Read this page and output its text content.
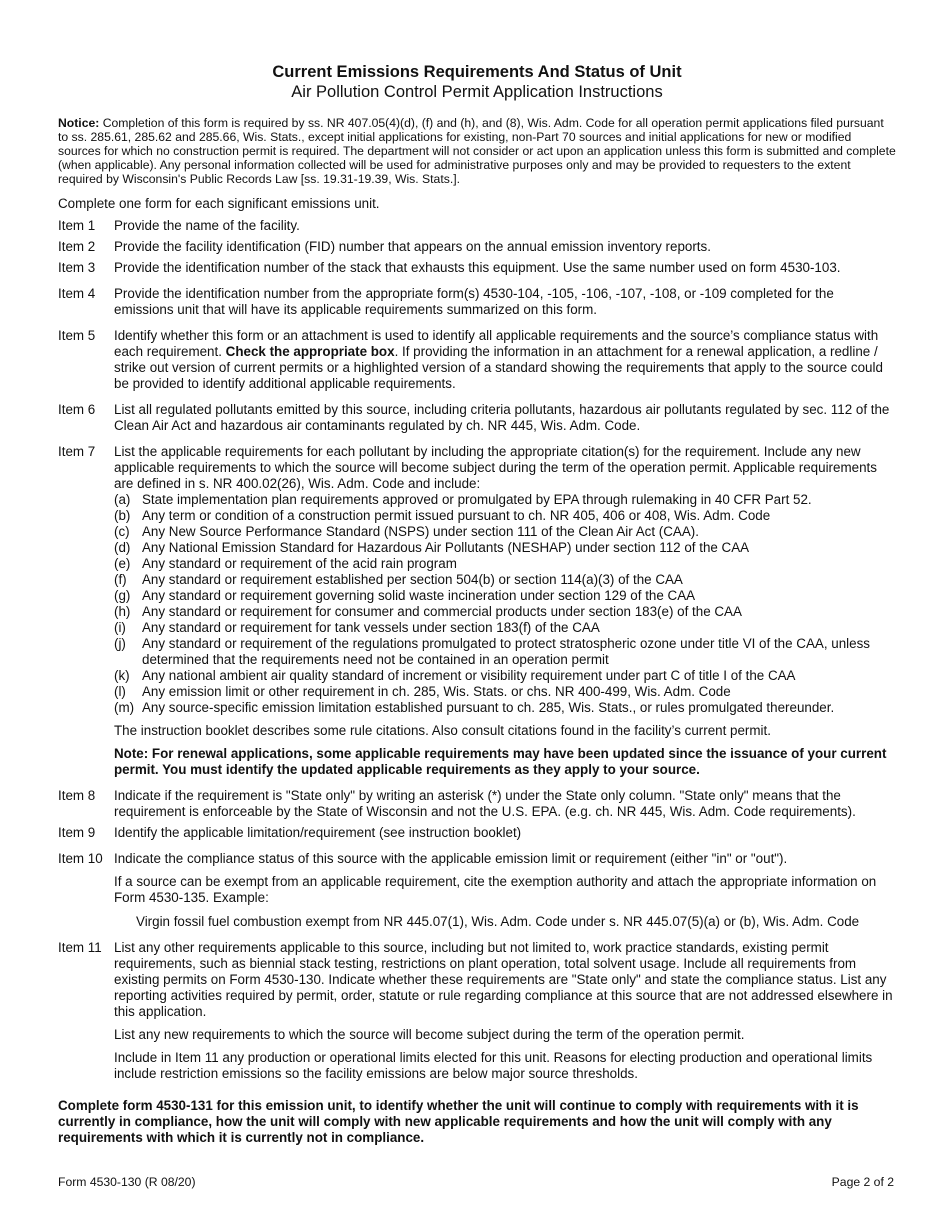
Current Emissions Requirements And Status of Unit
Air Pollution Control Permit Application Instructions

Notice: Completion of this form is required by ss. NR 407.05(4)(d), (f) and (h), and (8), Wis. Adm. Code for all operation permit applications filed pursuant to ss. 285.61, 285.62 and 285.66, Wis. Stats., except initial applications for existing, non-Part 70 sources and initial applications for new or modified sources for which no construction permit is required. The department will not consider or act upon an application unless this form is submitted and complete (when applicable). Any personal information collected will be used for administrative purposes only and may be provided to requesters to the extent required by Wisconsin's Public Records Law [ss. 19.31-19.39, Wis. Stats.].

Complete one form for each significant emissions unit.

Item 1	Provide the name of the facility.
Item 2	Provide the facility identification (FID) number that appears on the annual emission inventory reports.
Item 3	Provide the identification number of the stack that exhausts this equipment. Use the same number used on form 4530-103.
Item 4	Provide the identification number from the appropriate form(s) 4530-104, -105, -106, -107, -108, or -109 completed for the emissions unit that will have its applicable requirements summarized on this form.
Item 5	Identify whether this form or an attachment is used to identify all applicable requirements and the source’s compliance status with each requirement. Check the appropriate box. If providing the information in an attachment for a renewal application, a redline / strike out version of current permits or a highlighted version of a standard showing the requirements that apply to the source could be provided to identify additional applicable requirements.
Item 6	List all regulated pollutants emitted by this source, including criteria pollutants, hazardous air pollutants regulated by sec. 112 of the Clean Air Act and hazardous air contaminants regulated by ch. NR 445, Wis. Adm. Code.
Item 7	List the applicable requirements for each pollutant by including the appropriate citation(s) for the requirement. Include any new applicable requirements to which the source will become subject during the term of the operation permit. Applicable requirements are defined in s. NR 400.02(26), Wis. Adm. Code and include:

(a) State implementation plan requirements approved or promulgated by EPA through rulemaking in 40 CFR Part 52.
(b) Any term or condition of a construction permit issued pursuant to ch. NR 405, 406 or 408, Wis. Adm. Code
(c) Any New Source Performance Standard (NSPS) under section 111 of the Clean Air Act (CAA).
(d) Any National Emission Standard for Hazardous Air Pollutants (NESHAP) under section 112 of the CAA
(e) Any standard or requirement of the acid rain program
(f)	Any standard or requirement established per section 504(b) or section 114(a)(3) of the CAA
(g) Any standard or requirement governing solid waste incineration under section 129 of the CAA
(h) Any standard or requirement for consumer and commercial products under section 183(e) of the CAA
(i)	Any standard or requirement for tank vessels under section 183(f) of the CAA
(j)	Any standard or requirement of the regulations promulgated to protect stratospheric ozone under title VI of the CAA, unless determined that the requirements need not be contained in an operation permit
(k) Any national ambient air quality standard of increment or visibility requirement under part C of title I of the CAA
(l)	Any emission limit or other requirement in ch. 285, Wis. Stats. or chs. NR 400-499, Wis. Adm. Code
(m) Any source-specific emission limitation established pursuant to ch. 285, Wis. Stats., or rules promulgated thereunder.

The instruction booklet describes some rule citations. Also consult citations found in the facility’s current permit.

Note: For renewal applications, some applicable requirements may have been updated since the issuance of your current permit. You must identify the updated applicable requirements as they apply to your source.

Item 8	Indicate if the requirement is "State only" by writing an asterisk (*) under the State only column. "State only" means that the requirement is enforceable by the State of Wisconsin and not the U.S. EPA. (e.g. ch. NR 445, Wis. Adm. Code requirements).
Item 9	Identify the applicable limitation/requirement (see instruction booklet)
Item 10 Indicate the compliance status of this source with the applicable emission limit or requirement (either "in" or "out").

If a source can be exempt from an applicable requirement, cite the exemption authority and attach the appropriate information on Form 4530-135. Example:

Virgin fossil fuel combustion exempt from NR 445.07(1), Wis. Adm. Code under s. NR 445.07(5)(a) or (b), Wis. Adm. Code

Item 11 List any other requirements applicable to this source, including but not limited to, work practice standards, existing permit requirements, such as biennial stack testing, restrictions on plant operation, total solvent usage. Include all requirements from existing permits on Form 4530-130. Indicate whether these requirements are "State only" and state the compliance status. List any reporting activities required by permit, order, statute or rule regarding compliance at this source that are not addressed elsewhere in this application.

List any new requirements to which the source will become subject during the term of the operation permit.

Include in Item 11 any production or operational limits elected for this unit. Reasons for electing production and operational limits include restriction emissions so the facility emissions are below major source thresholds.

Complete form 4530-131 for this emission unit, to identify whether the unit will continue to comply with requirements with it is currently in compliance, how the unit will comply with new applicable requirements and how the unit will comply with any requirements with which it is currently not in compliance.

Form 4530-130 (R 08/20)	Page 2 of 2
